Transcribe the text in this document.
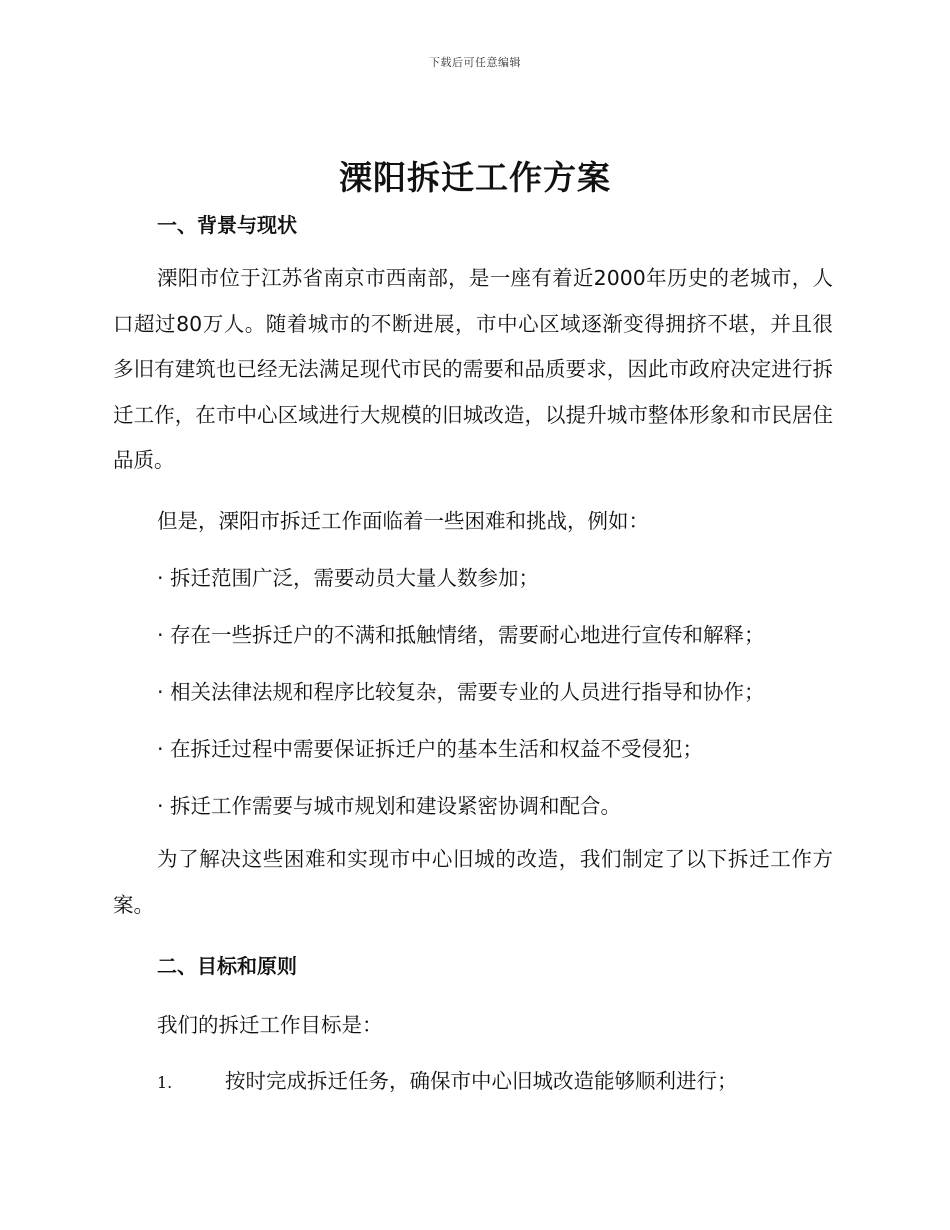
下载后可任意编辑
溧阳拆迁工作方案
一、背景与现状

溧阳市位于江苏省南京市西南部，是一座有着近2000年历史的老城市，人口超过80万人。随着城市的不断进展，市中心区域逐渐变得拥挤不堪，并且很多旧有建筑也已经无法满足现代市民的需要和品质要求，因此市政府决定进行拆迁工作，在市中心区域进行大规模的旧城改造，以提升城市整体形象和市民居住品质。

但是，溧阳市拆迁工作面临着一些困难和挑战，例如：

· 拆迁范围广泛，需要动员大量人数参加；

· 存在一些拆迁户的不满和抵触情绪，需要耐心地进行宣传和解释；

· 相关法律法规和程序比较复杂，需要专业的人员进行指导和协作；

· 在拆迁过程中需要保证拆迁户的基本生活和权益不受侵犯；

· 拆迁工作需要与城市规划和建设紧密协调和配合。

为了解决这些困难和实现市中心旧城的改造，我们制定了以下拆迁工作方案。

二、目标和原则

我们的拆迁工作目标是：

1.	按时完成拆迁任务，确保市中心旧城改造能够顺利进行；
